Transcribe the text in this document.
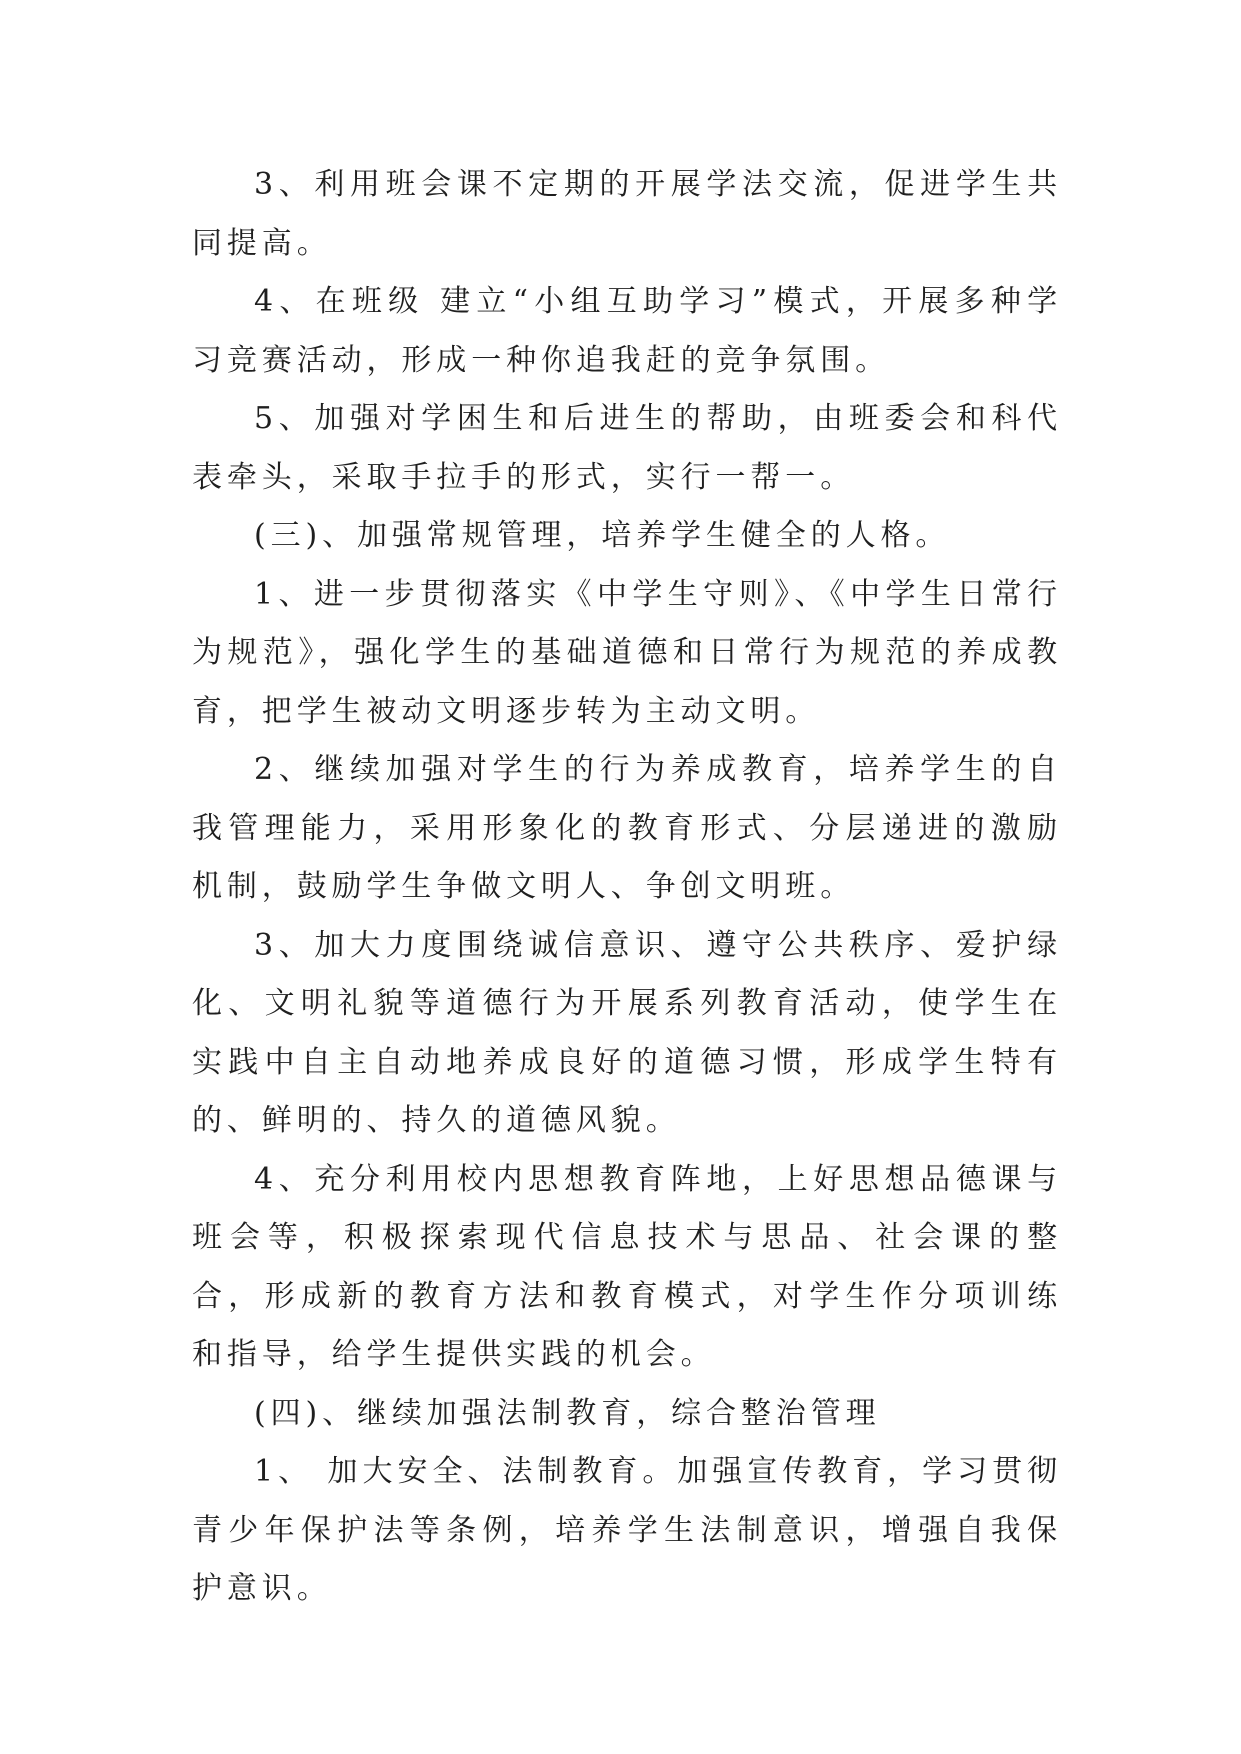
3、利用班会课不定期的开展学法交流，促进学生共同提高。

4、在班级 建立“小组互助学习”模式，开展多种学习竞赛活动，形成一种你追我赶的竞争氛围。

5、加强对学困生和后进生的帮助，由班委会和科代表牵头，采取手拉手的形式，实行一帮一。

(三)、加强常规管理，培养学生健全的人格。

1、进一步贯彻落实《中学生守则》、《中学生日常行为规范》，强化学生的基础道德和日常行为规范的养成教育，把学生被动文明逐步转为主动文明。

2、继续加强对学生的行为养成教育，培养学生的自我管理能力，采用形象化的教育形式、分层递进的激励机制，鼓励学生争做文明人、争创文明班。

3、加大力度围绕诚信意识、遵守公共秩序、爱护绿化、文明礼貌等道德行为开展系列教育活动，使学生在实践中自主自动地养成良好的道德习惯，形成学生特有的、鲜明的、持久的道德风貌。

4、充分利用校内思想教育阵地，上好思想品德课与班会等，积极探索现代信息技术与思品、社会课的整合，形成新的教育方法和教育模式，对学生作分项训练和指导，给学生提供实践的机会。

(四)、继续加强法制教育，综合整治管理

1、 加大安全、法制教育。加强宣传教育，学习贯彻青少年保护法等条例，培养学生法制意识，增强自我保护意识。
